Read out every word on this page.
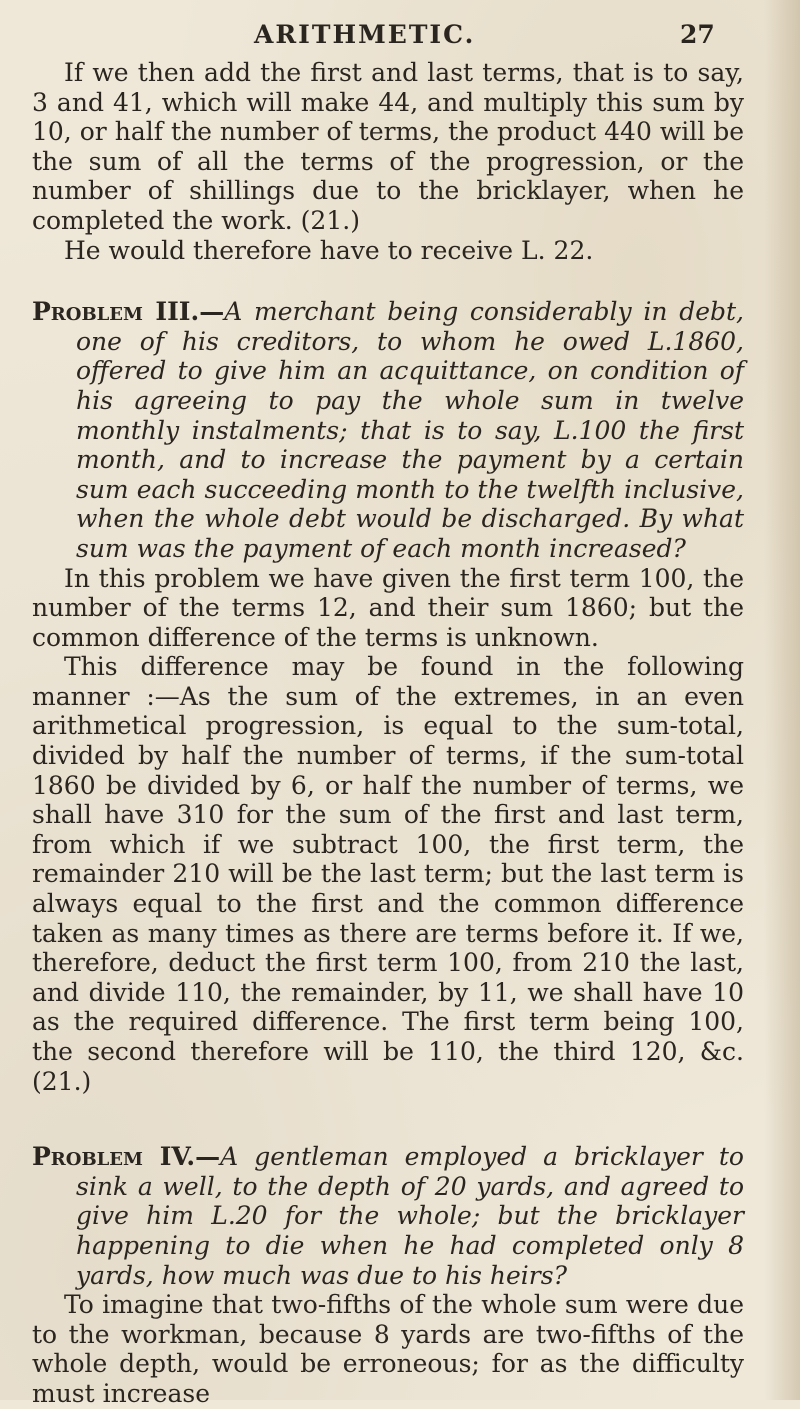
ARITHMETIC.	27

If we then add the first and last terms, that is to say, 3 and 41, which will make 44, and multiply this sum by 10, or half the number of terms, the product 440 will be the sum of all the terms of the progression, or the number of shillings due to the bricklayer, when he completed the work. (21.)

He would therefore have to receive L. 22.

Problem III.—A merchant being considerably in debt, one of his creditors, to whom he owed L.1860, offered to give him an acquittance, on condition of his agreeing to pay the whole sum in twelve monthly instalments; that is to say, L.100 the first month, and to increase the payment by a certain sum each succeeding month to the twelfth inclusive, when the whole debt would be discharged. By what sum was the payment of each month increased?

In this problem we have given the first term 100, the number of the terms 12, and their sum 1860; but the common difference of the terms is unknown.

This difference may be found in the following manner :—As the sum of the extremes, in an even arithmetical progression, is equal to the sum-total, divided by half the number of terms, if the sum-total 1860 be divided by 6, or half the number of terms, we shall have 310 for the sum of the first and last term, from which if we subtract 100, the first term, the remainder 210 will be the last term; but the last term is always equal to the first and the common difference taken as many times as there are terms before it. If we, therefore, deduct the first term 100, from 210 the last, and divide 110, the remainder, by 11, we shall have 10 as the required difference. The first term being 100, the second therefore will be 110, the third 120, &c. (21.)

Problem IV.—A gentleman employed a bricklayer to sink a well, to the depth of 20 yards, and agreed to give him L.20 for the whole; but the bricklayer happening to die when he had completed only 8 yards, how much was due to his heirs?

To imagine that two-fifths of the whole sum were due to the workman, because 8 yards are two-fifths of the whole depth, would be erroneous; for as the difficulty must increase
